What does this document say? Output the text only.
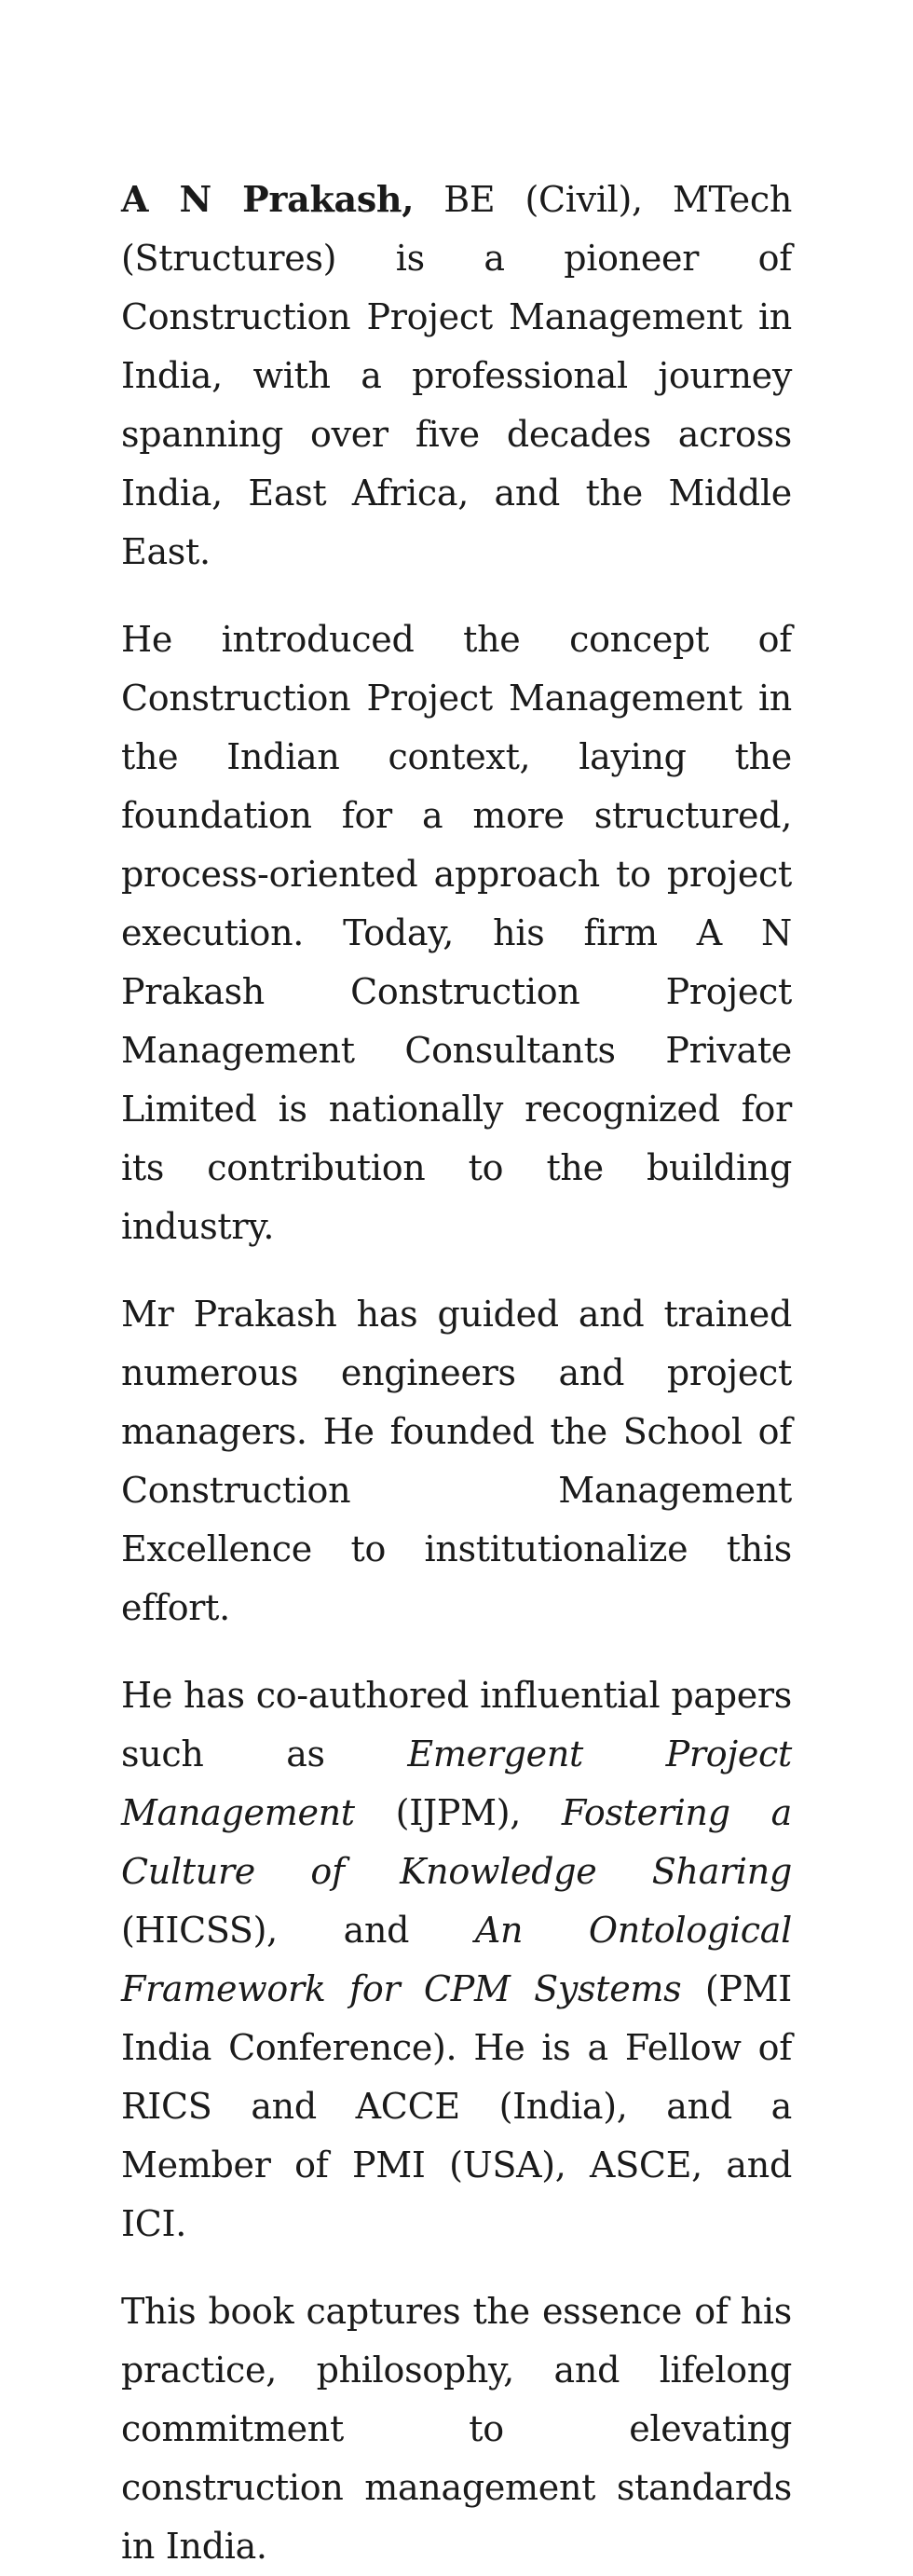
A N Prakash, BE (Civil), MTech (Structures) is a pioneer of Construction Project Management in India, with a professional journey spanning over five decades across India, East Africa, and the Middle East.

He introduced the concept of Construction Project Management in the Indian context, laying the foundation for a more structured, process-oriented approach to project execution. Today, his firm A N Prakash Construction Project Management Consultants Private Limited is nationally recognized for its contribution to the building industry.

Mr Prakash has guided and trained numerous engineers and project managers. He founded the School of Construction Management Excellence to institutionalize this effort.

He has co-authored influential papers such as Emergent Project Management (IJPM), Fostering a Culture of Knowledge Sharing (HICSS), and An Ontological Framework for CPM Systems (PMI India Conference). He is a Fellow of RICS and ACCE (India), and a Member of PMI (USA), ASCE, and ICI.

This book captures the essence of his practice, philosophy, and lifelong commitment to elevating construction management standards in India.
